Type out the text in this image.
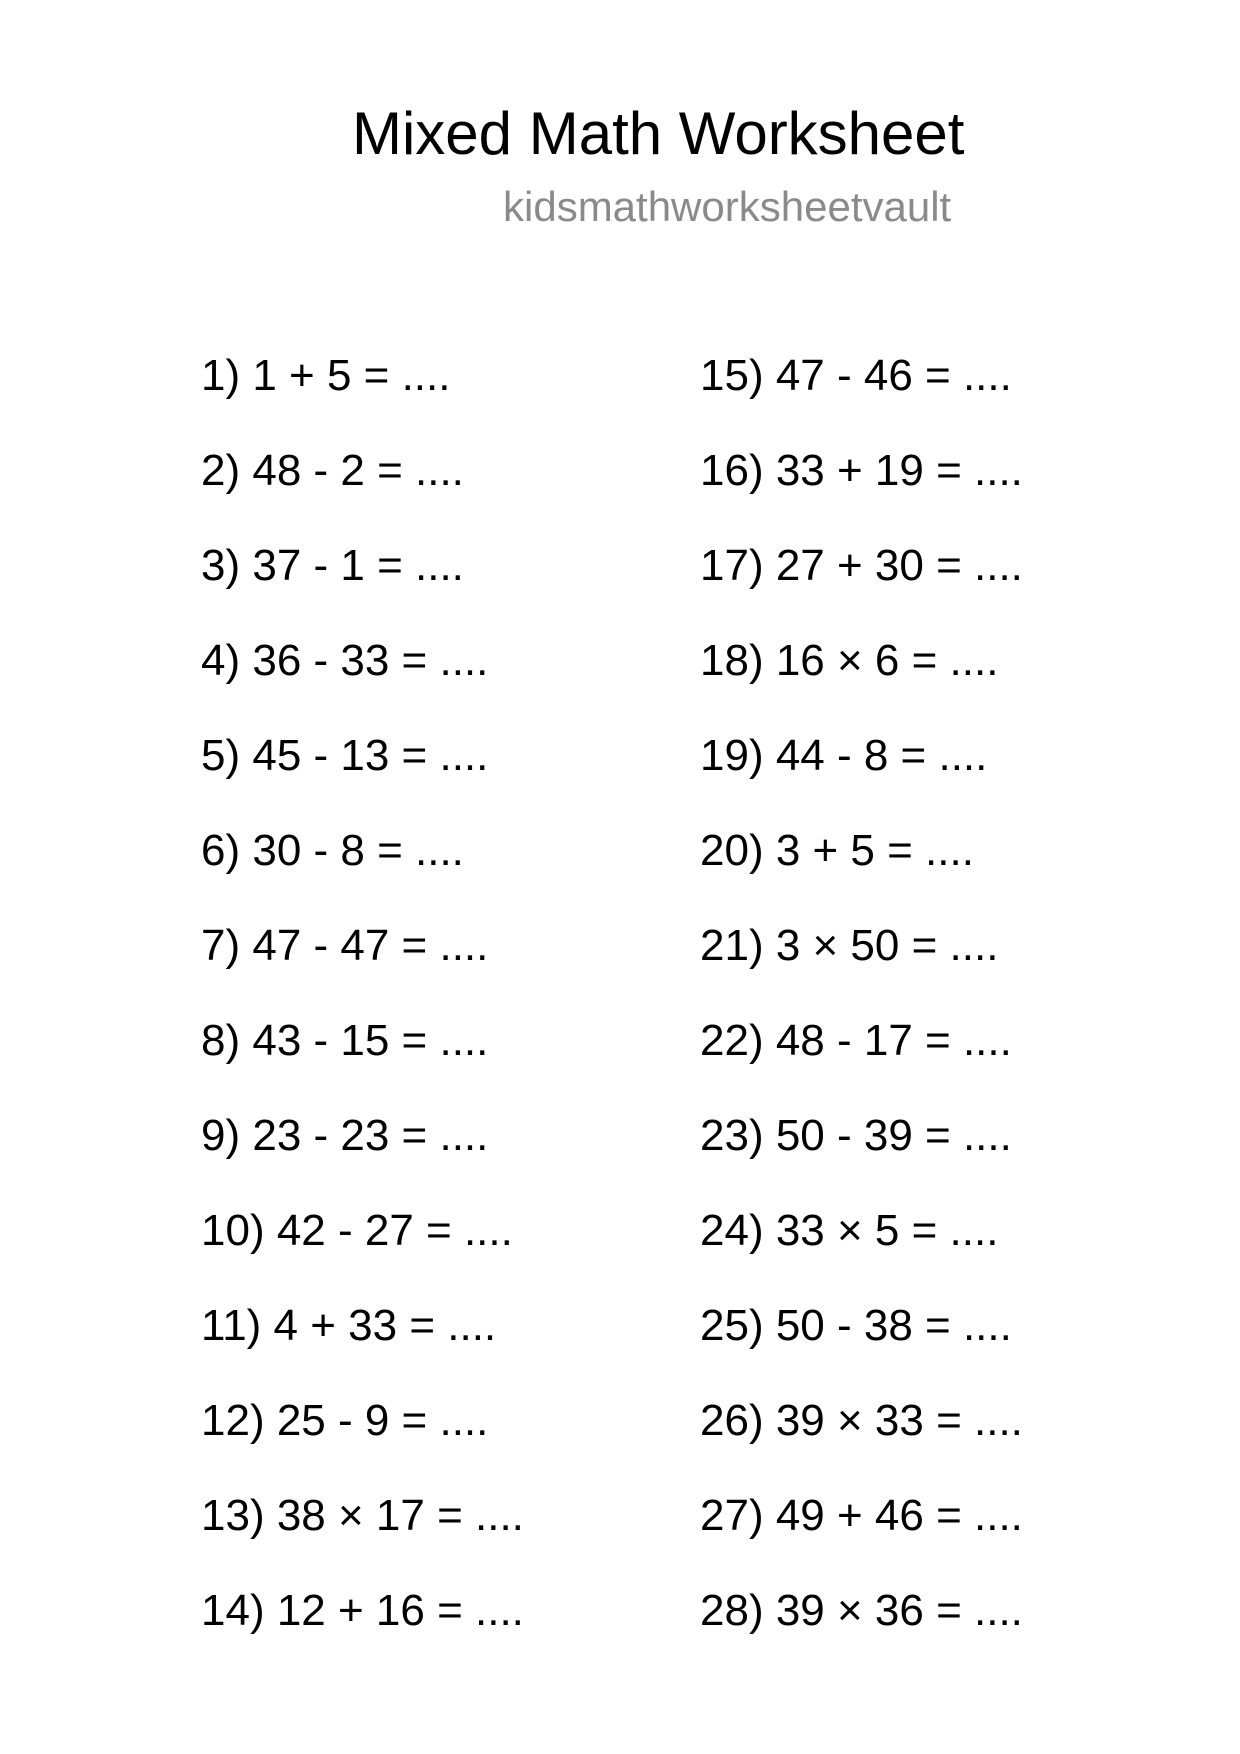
Mixed Math Worksheet
kidsmathworksheetvault
1) 1 + 5 = ....
2) 48 - 2 = ....
3) 37 - 1 = ....
4) 36 - 33 = ....
5) 45 - 13 = ....
6) 30 - 8 = ....
7) 47 - 47 = ....
8) 43 - 15 = ....
9) 23 - 23 = ....
10) 42 - 27 = ....
11) 4 + 33 = ....
12) 25 - 9 = ....
13) 38 × 17 = ....
14) 12 + 16 = ....
15) 47 - 46 = ....
16) 33 + 19 = ....
17) 27 + 30 = ....
18) 16 × 6 = ....
19) 44 - 8 = ....
20) 3 + 5 = ....
21) 3 × 50 = ....
22) 48 - 17 = ....
23) 50 - 39 = ....
24) 33 × 5 = ....
25) 50 - 38 = ....
26) 39 × 33 = ....
27) 49 + 46 = ....
28) 39 × 36 = ....
